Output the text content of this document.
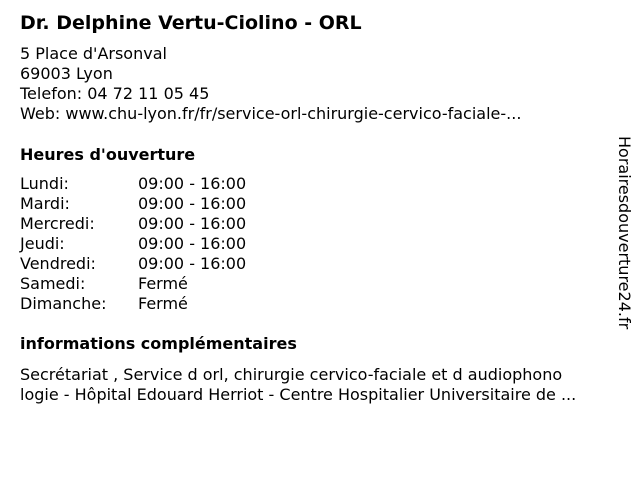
Dr. Delphine Vertu-Ciolino - ORL
5 Place d'Arsonval
69003 Lyon
Telefon: 04 72 11 05 45
Web: www.chu-lyon.fr/fr/service-orl-chirurgie-cervico-faciale-...
Heures d'ouverture
Lundi:	09:00 - 16:00
Mardi:	09:00 - 16:00
Mercredi:	09:00 - 16:00
Jeudi:	09:00 - 16:00
Vendredi:	09:00 - 16:00
Samedi:	Fermé
Dimanche: Fermé
informations complémentaires
Secrétariat , Service d orl, chirurgie cervico-faciale et d audiophono
logie - Hôpital Edouard Herriot - Centre Hospitalier Universitaire de ...
Horairesdouverture24.fr
